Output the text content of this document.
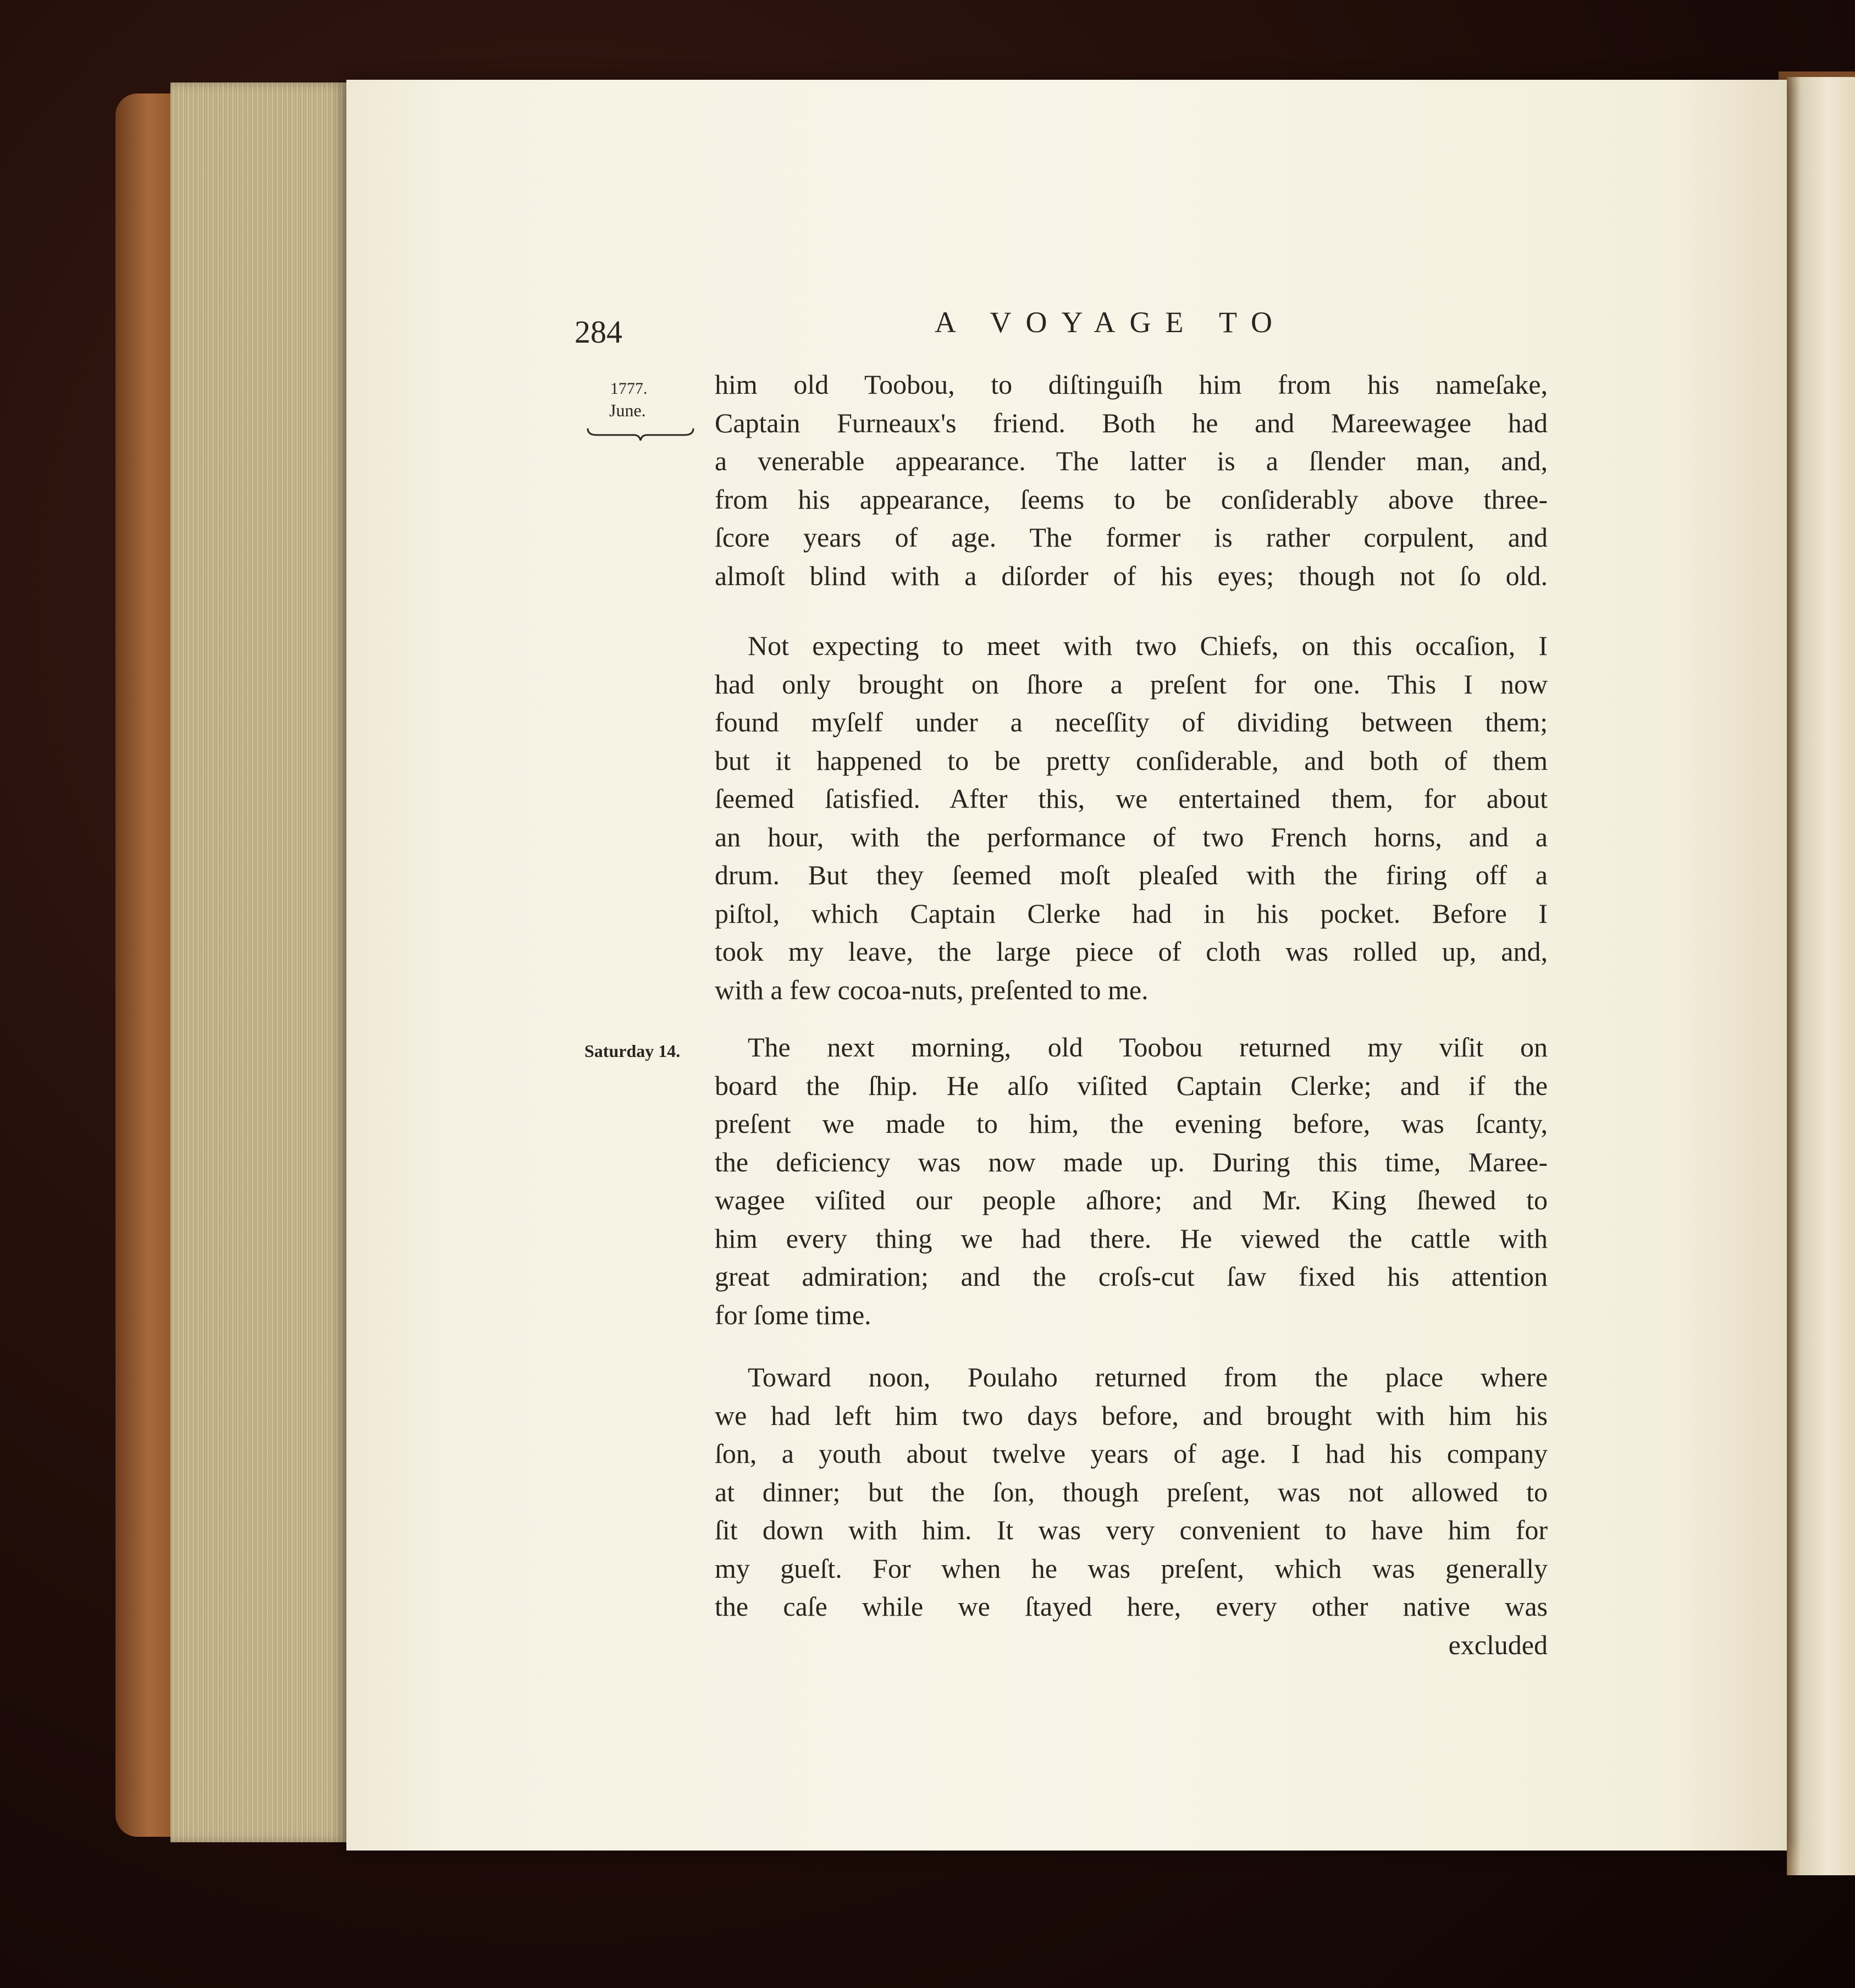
284	A VOYAGE TO
1777.
June.
Saturday 14.
him old Toobou, to diſtinguiſh him from his nameſake,
Captain Furneaux's friend. Both he and Mareewagee had
a venerable appearance. The latter is a ſlender man, and,
from his appearance, ſeems to be conſiderably above three-
ſcore years of age. The former is rather corpulent, and
almoſt blind with a diſorder of his eyes; though not ſo old.
Not expecting to meet with two Chiefs, on this occaſion, I
had only brought on ſhore a preſent for one. This I now
found myſelf under a neceſſity of dividing between them;
but it happened to be pretty conſiderable, and both of them
ſeemed ſatisfied. After this, we entertained them, for about
an hour, with the performance of two French horns, and a
drum. But they ſeemed moſt pleaſed with the firing off a
piſtol, which Captain Clerke had in his pocket. Before I
took my leave, the large piece of cloth was rolled up, and,
with a few cocoa-nuts, preſented to me.
The next morning, old Toobou returned my viſit on
board the ſhip. He alſo viſited Captain Clerke; and if the
preſent we made to him, the evening before, was ſcanty,
the deficiency was now made up. During this time, Maree-
wagee viſited our people aſhore; and Mr. King ſhewed to
him every thing we had there. He viewed the cattle with
great admiration; and the croſs-cut ſaw fixed his attention
for ſome time.
Toward noon, Poulaho returned from the place where
we had left him two days before, and brought with him his
ſon, a youth about twelve years of age. I had his company
at dinner; but the ſon, though preſent, was not allowed to
ſit down with him. It was very convenient to have him for
my gueſt. For when he was preſent, which was generally
the caſe while we ſtayed here, every other native was
excluded
